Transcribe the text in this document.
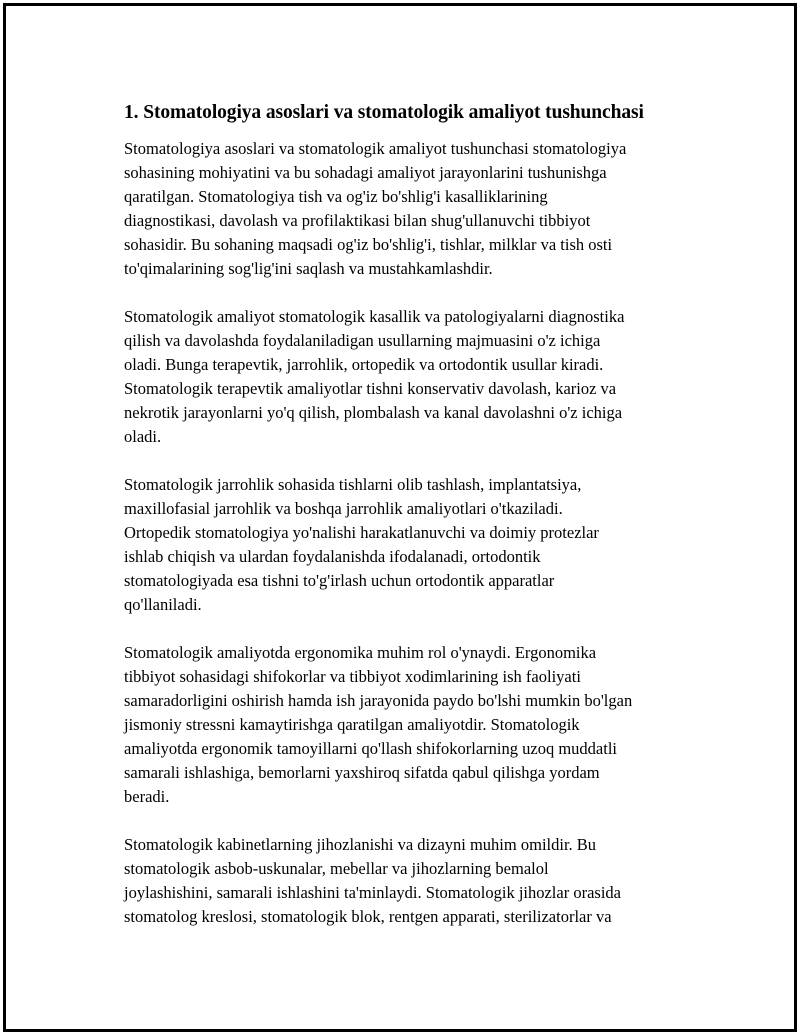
1. Stomatologiya asoslari va stomatologik amaliyot tushunchasi

Stomatologiya asoslari va stomatologik amaliyot tushunchasi stomatologiya
sohasining mohiyatini va bu sohadagi amaliyot jarayonlarini tushunishga
qaratilgan. Stomatologiya tish va og'iz bo'shlig'i kasalliklarining
diagnostikasi, davolash va profilaktikasi bilan shug'ullanuvchi tibbiyot
sohasidir. Bu sohaning maqsadi og'iz bo'shlig'i, tishlar, milklar va tish osti
to'qimalarining sog'lig'ini saqlash va mustahkamlashdir.

Stomatologik amaliyot stomatologik kasallik va patologiyalarni diagnostika
qilish va davolashda foydalaniladigan usullarning majmuasini o'z ichiga
oladi. Bunga terapevtik, jarrohlik, ortopedik va ortodontik usullar kiradi.
Stomatologik terapevtik amaliyotlar tishni konservativ davolash, karioz va
nekrotik jarayonlarni yo'q qilish, plombalash va kanal davolashni o'z ichiga
oladi.

Stomatologik jarrohlik sohasida tishlarni olib tashlash, implantatsiya,
maxillofasial jarrohlik va boshqa jarrohlik amaliyotlari o'tkaziladi.
Ortopedik stomatologiya yo'nalishi harakatlanuvchi va doimiy protezlar
ishlab chiqish va ulardan foydalanishda ifodalanadi, ortodontik
stomatologiyada esa tishni to'g'irlash uchun ortodontik apparatlar
qo'llaniladi.

Stomatologik amaliyotda ergonomika muhim rol o'ynaydi. Ergonomika
tibbiyot sohasidagi shifokorlar va tibbiyot xodimlarining ish faoliyati
samaradorligini oshirish hamda ish jarayonida paydo bo'lshi mumkin bo'lgan
jismoniy stressni kamaytirishga qaratilgan amaliyotdir. Stomatologik
amaliyotda ergonomik tamoyillarni qo'llash shifokorlarning uzoq muddatli
samarali ishlashiga, bemorlarni yaxshiroq sifatda qabul qilishga yordam
beradi.

Stomatologik kabinetlarning jihozlanishi va dizayni muhim omildir. Bu
stomatologik asbob-uskunalar, mebellar va jihozlarning bemalol
joylashishini, samarali ishlashini ta'minlaydi. Stomatologik jihozlar orasida
stomatolog kreslosi, stomatologik blok, rentgen apparati, sterilizatorlar va
